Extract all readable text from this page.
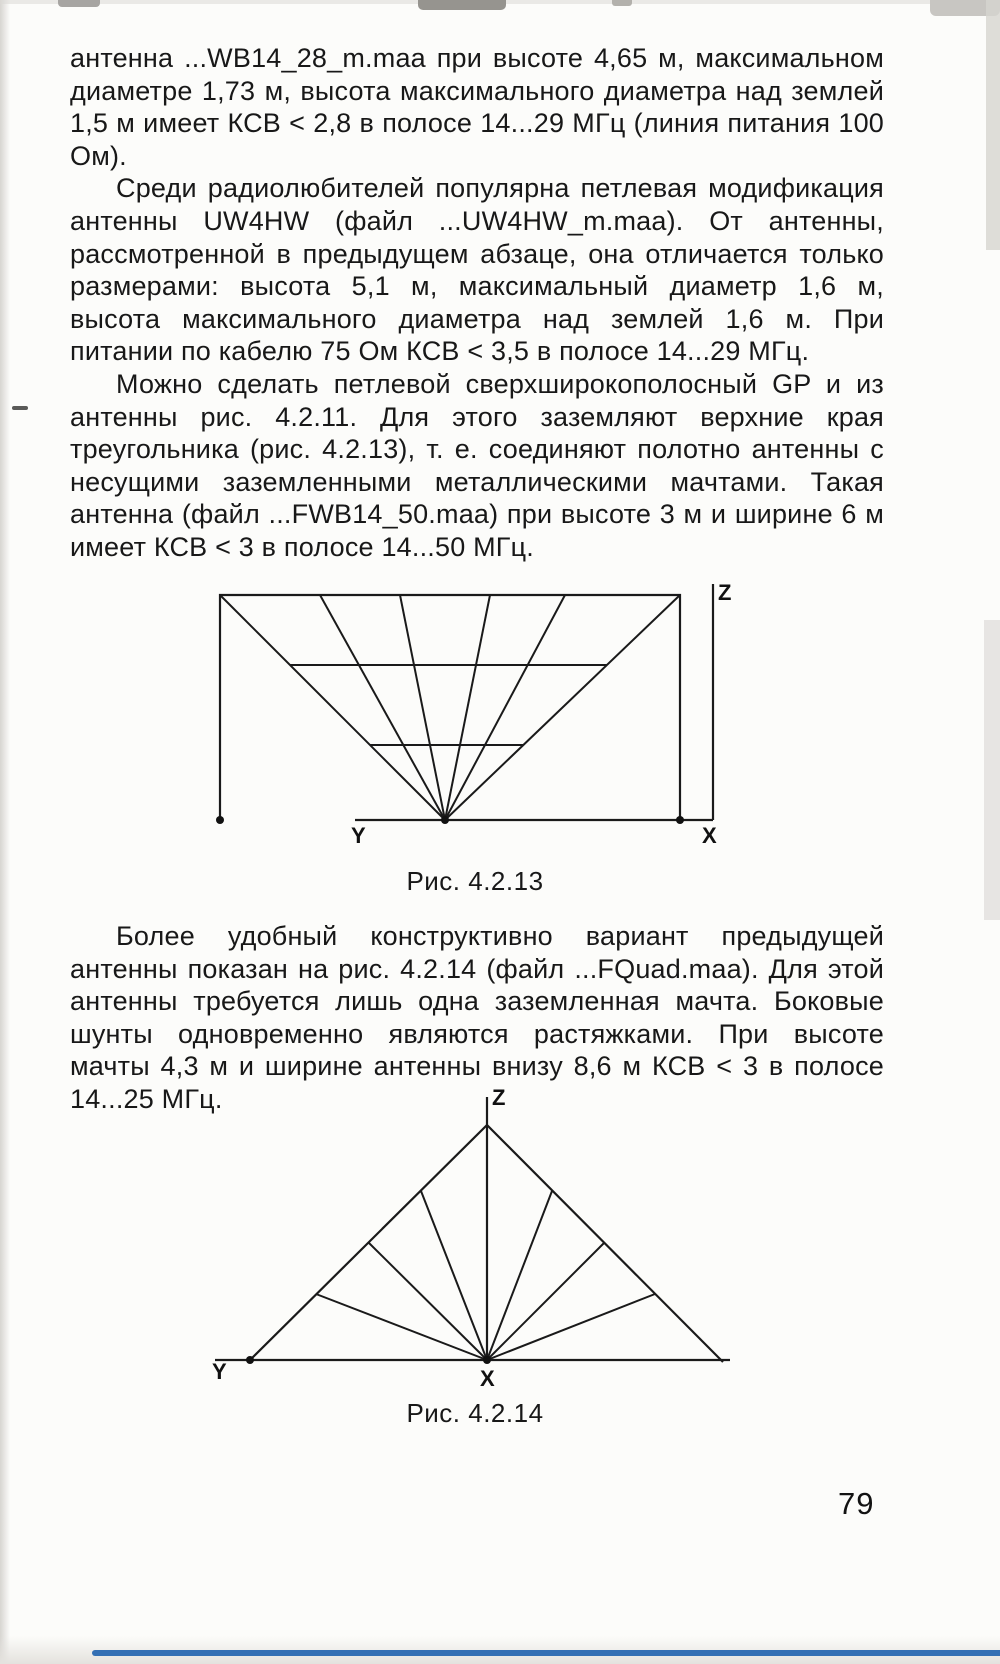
антенна ...WB14_28_m.maa при высоте 4,65 м, максимальном диаметре 1,73 м, высота максимального диаметра над землей 1,5 м имеет КСВ < 2,8 в полосе 14...29 МГц (линия питания 100 Ом).

Среди радиолюбителей популярна петлевая модификация антенны UW4HW (файл ...UW4HW_m.maa). От антенны, рассмотренной в предыдущем абзаце, она отличается только размерами: высота 5,1 м, максимальный диаметр 1,6 м, высота максимального диаметра над землей 1,6 м. При питании по кабелю 75 Ом КСВ < 3,5 в полосе 14...29 МГц.

Можно сделать петлевой сверхширокополосный GP и из антенны рис. 4.2.11. Для этого заземляют верхние края треугольника (рис. 4.2.13), т. е. соединяют полотно антенны с несущими заземленными металлическими мачтами. Такая антенна (файл ...FWB14_50.maa) при высоте 3 м и ширине 6 м имеет КСВ < 3 в полосе 14...50 МГц.

Y	X
Z
Рис. 4.2.13

Более удобный конструктивно вариант предыдущей антенны показан на рис. 4.2.14 (файл ...FQuad.maa). Для этой антенны требуется лишь одна заземленная мачта. Боковые шунты одновременно являются растяжками. При высоте мачты 4,3 м и ширине антенны внизу 8,6 м КСВ < 3 в полосе 14...25 МГц.

Y	X
Z
Рис. 4.2.14
79
